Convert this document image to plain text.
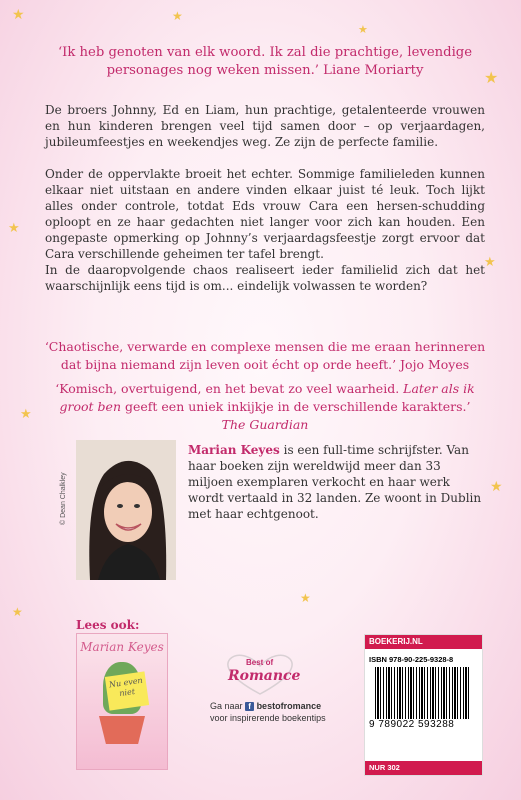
★	★
★
★
★
★
★
★
★
★
‘Ik heb genoten van elk woord. Ik zal die prachtige, levendige
personages nog weken missen.’ Liane Moriarty
De broers Johnny, Ed en Liam, hun prachtige, getalenteerde vrouwen en hun kinderen brengen veel tijd samen door – op verjaardagen, jubileumfeestjes en weekendjes weg. Ze zijn de perfecte familie.
Onder de oppervlakte broeit het echter. Sommige familieleden kunnen elkaar niet uitstaan en andere vinden elkaar juist té leuk. Toch lijkt alles onder controle, totdat Eds vrouw Cara een hersen-schudding oploopt en ze haar gedachten niet langer voor zich kan houden. Een ongepaste opmerking op Johnny’s verjaardagsfeestje zorgt ervoor dat Cara verschillende geheimen ter tafel brengt.
In de daaropvolgende chaos realiseert ieder familielid zich dat het waarschijnlijk eens tijd is om... eindelijk volwassen te worden?
‘Chaotische, verwarde en complexe mensen die me eraan herinneren
dat bijna niemand zijn leven ooit écht op orde heeft.’ Jojo Moyes
‘Komisch, overtuigend, en het bevat zo veel waarheid. Later als ik
groot ben geeft een uniek inkijkje in de verschillende karakters.’
The Guardian
© Dean Chalkley
Marian Keyes is een full-time schrijfster. Van haar boeken zijn wereldwijd meer dan 33 miljoen exemplaren verkocht en haar werk wordt vertaald in 32 landen. Ze woont in Dublin met haar echtgenoot.
Lees ook:
Marian Keyes
Nu even niet
Best of
Romance
Ga naar f bestofromance
voor inspirerende boekentips
BOEKERIJ.NL
ISBN 978-90-225-9328-8
9 789022 593288
NUR 302
